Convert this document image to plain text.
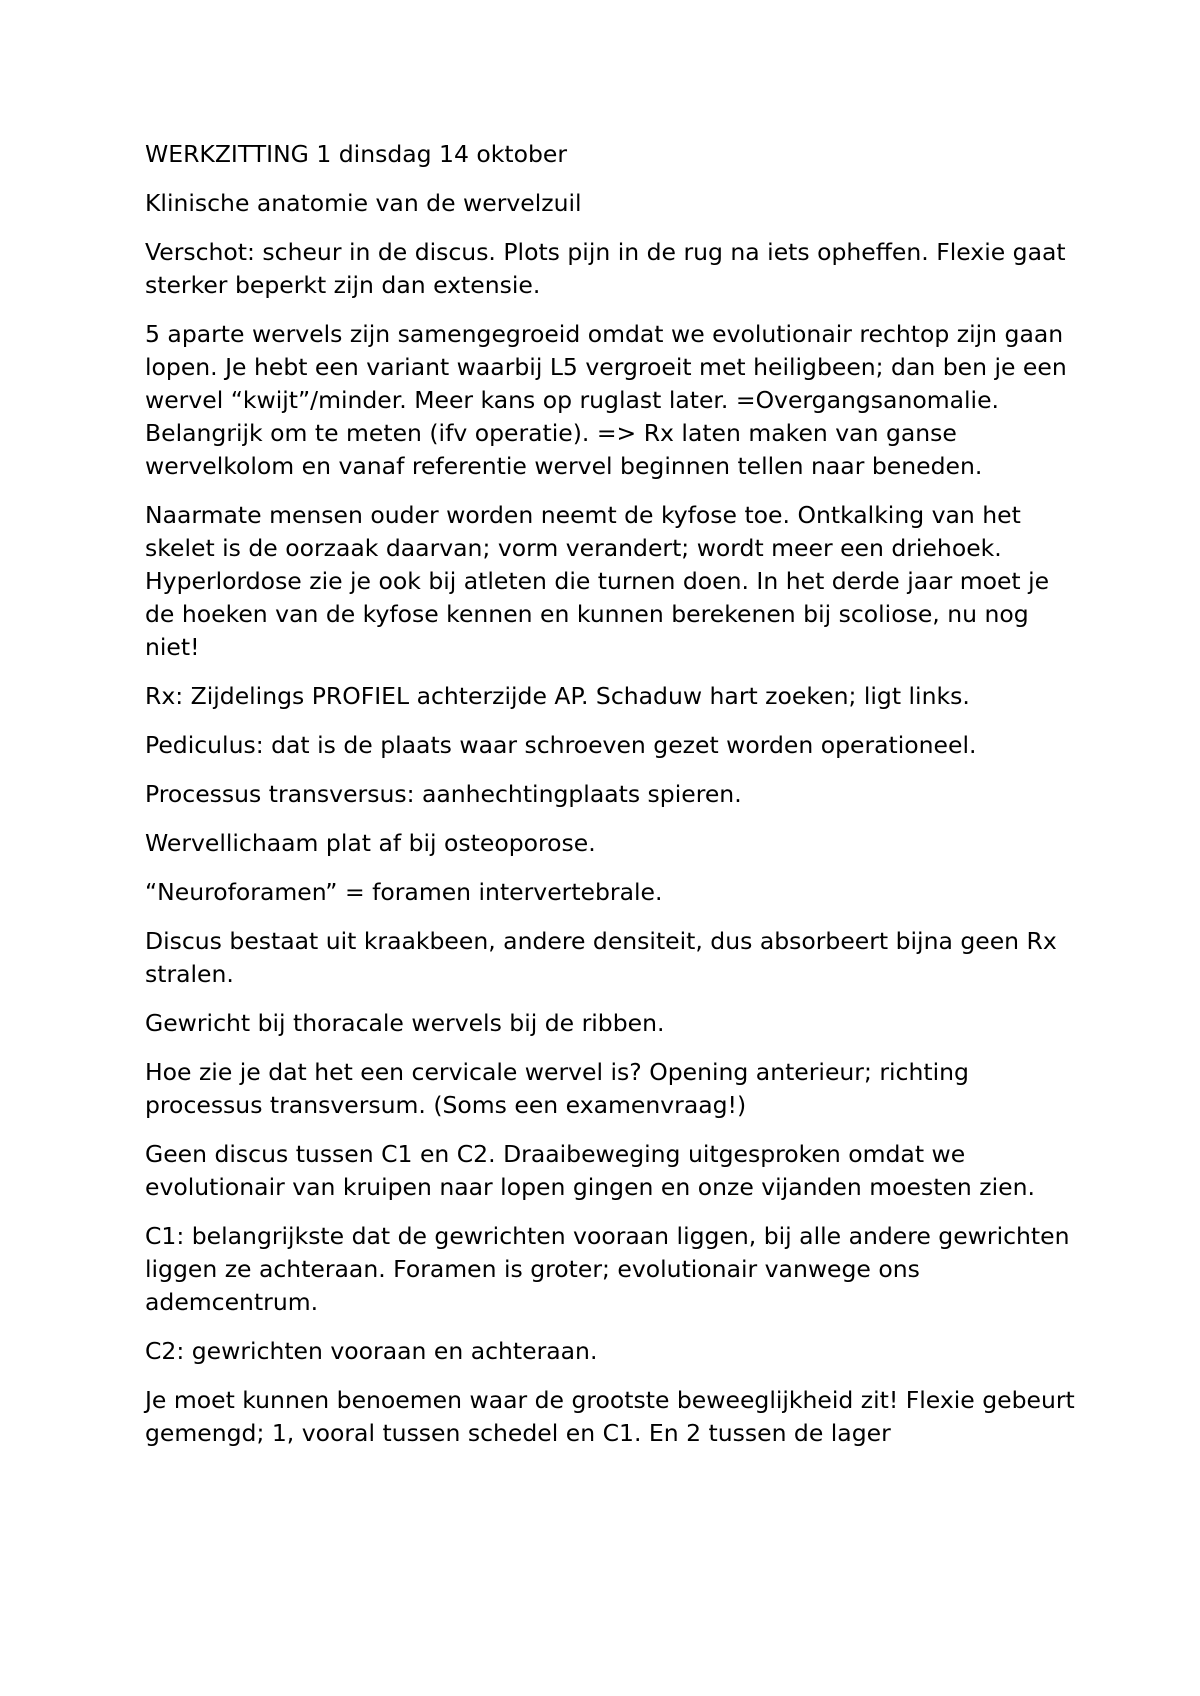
WERKZITTING 1 dinsdag 14 oktober

Klinische anatomie van de wervelzuil

Verschot: scheur in de discus. Plots pijn in de rug na iets opheffen. Flexie gaat sterker beperkt zijn dan extensie.

5 aparte wervels zijn samengegroeid omdat we evolutionair rechtop zijn gaan lopen. Je hebt een variant waarbij L5 vergroeit met heiligbeen; dan ben je een wervel “kwijt”/minder. Meer kans op ruglast later. =Overgangsanomalie. Belangrijk om te meten (ifv operatie). => Rx laten maken van ganse wervelkolom en vanaf referentie wervel beginnen tellen naar beneden.

Naarmate mensen ouder worden neemt de kyfose toe. Ontkalking van het skelet is de oorzaak daarvan; vorm verandert; wordt meer een driehoek. Hyperlordose zie je ook bij atleten die turnen doen. In het derde jaar moet je de hoeken van de kyfose kennen en kunnen berekenen bij scoliose, nu nog niet!

Rx: Zijdelings PROFIEL achterzijde AP. Schaduw hart zoeken; ligt links.

Pediculus: dat is de plaats waar schroeven gezet worden operationeel.

Processus transversus: aanhechtingplaats spieren.

Wervellichaam plat af bij osteoporose.

“Neuroforamen” = foramen intervertebrale.

Discus bestaat uit kraakbeen, andere densiteit, dus absorbeert bijna geen Rx stralen.

Gewricht bij thoracale wervels bij de ribben.

Hoe zie je dat het een cervicale wervel is? Opening anterieur; richting processus transversum. (Soms een examenvraag!)

Geen discus tussen C1 en C2. Draaibeweging uitgesproken omdat we evolutionair van kruipen naar lopen gingen en onze vijanden moesten zien.

C1: belangrijkste dat de gewrichten vooraan liggen, bij alle andere gewrichten liggen ze achteraan. Foramen is groter; evolutionair vanwege ons ademcentrum.

C2: gewrichten vooraan en achteraan.

Je moet kunnen benoemen waar de grootste beweeglijkheid zit! Flexie gebeurt gemengd; 1, vooral tussen schedel en C1. En 2 tussen de lager
